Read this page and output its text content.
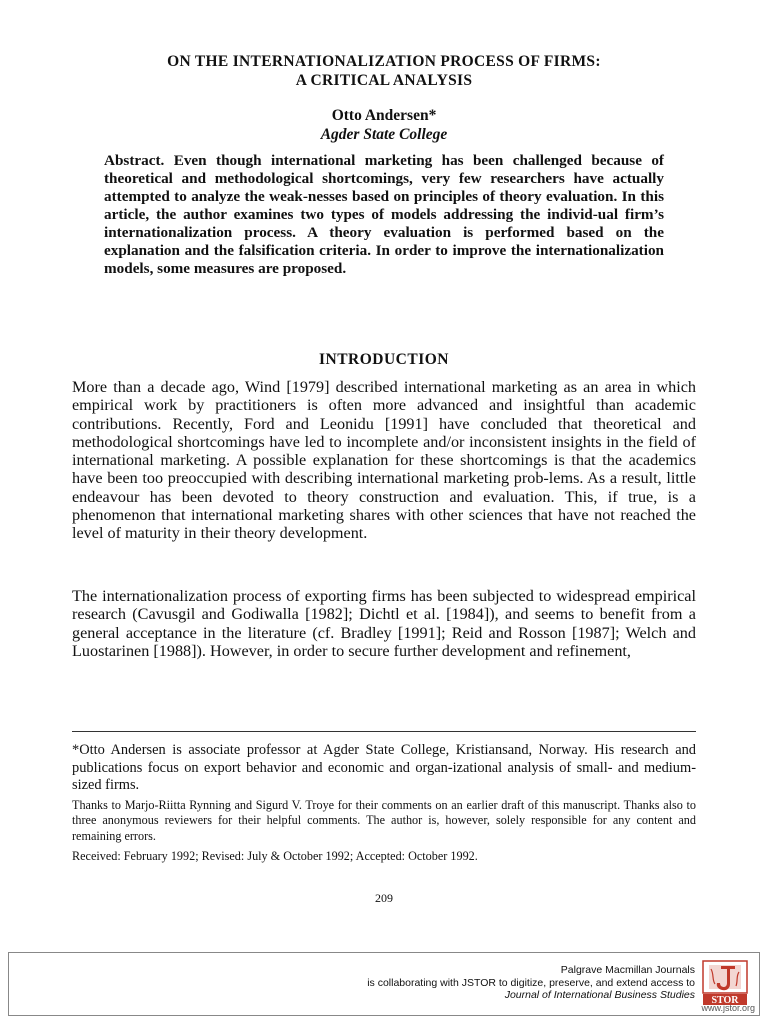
ON THE INTERNATIONALIZATION PROCESS OF FIRMS:
A CRITICAL ANALYSIS
Otto Andersen*
Agder State College
Abstract. Even though international marketing has been challenged because of theoretical and methodological shortcomings, very few researchers have actually attempted to analyze the weak-nesses based on principles of theory evaluation. In this article, the author examines two types of models addressing the individ-ual firm’s internationalization process. A theory evaluation is performed based on the explanation and the falsification criteria. In order to improve the internationalization models, some measures are proposed.
INTRODUCTION
More than a decade ago, Wind [1979] described international marketing as an area in which empirical work by practitioners is often more advanced and insightful than academic contributions. Recently, Ford and Leonidu [1991] have concluded that theoretical and methodological shortcomings have led to incomplete and/or inconsistent insights in the field of international marketing. A possible explanation for these shortcomings is that the academics have been too preoccupied with describing international marketing prob-lems. As a result, little endeavour has been devoted to theory construction and evaluation. This, if true, is a phenomenon that international marketing shares with other sciences that have not reached the level of maturity in their theory development.
The internationalization process of exporting firms has been subjected to widespread empirical research (Cavusgil and Godiwalla [1982]; Dichtl et al. [1984]), and seems to benefit from a general acceptance in the literature (cf. Bradley [1991]; Reid and Rosson [1987]; Welch and Luostarinen [1988]). However, in order to secure further development and refinement,
*Otto Andersen is associate professor at Agder State College, Kristiansand, Norway. His research and publications focus on export behavior and economic and organ-izational analysis of small- and medium-sized firms.
Thanks to Marjo-Riitta Rynning and Sigurd V. Troye for their comments on an earlier draft of this manuscript. Thanks also to three anonymous reviewers for their helpful comments. The author is, however, solely responsible for any content and remaining errors.
Received: February 1992; Revised: July & October 1992; Accepted: October 1992.
209
Palgrave Macmillan Journals
is collaborating with JSTOR to digitize, preserve, and extend access to
Journal of International Business Studies STOR
www.jstor.org
